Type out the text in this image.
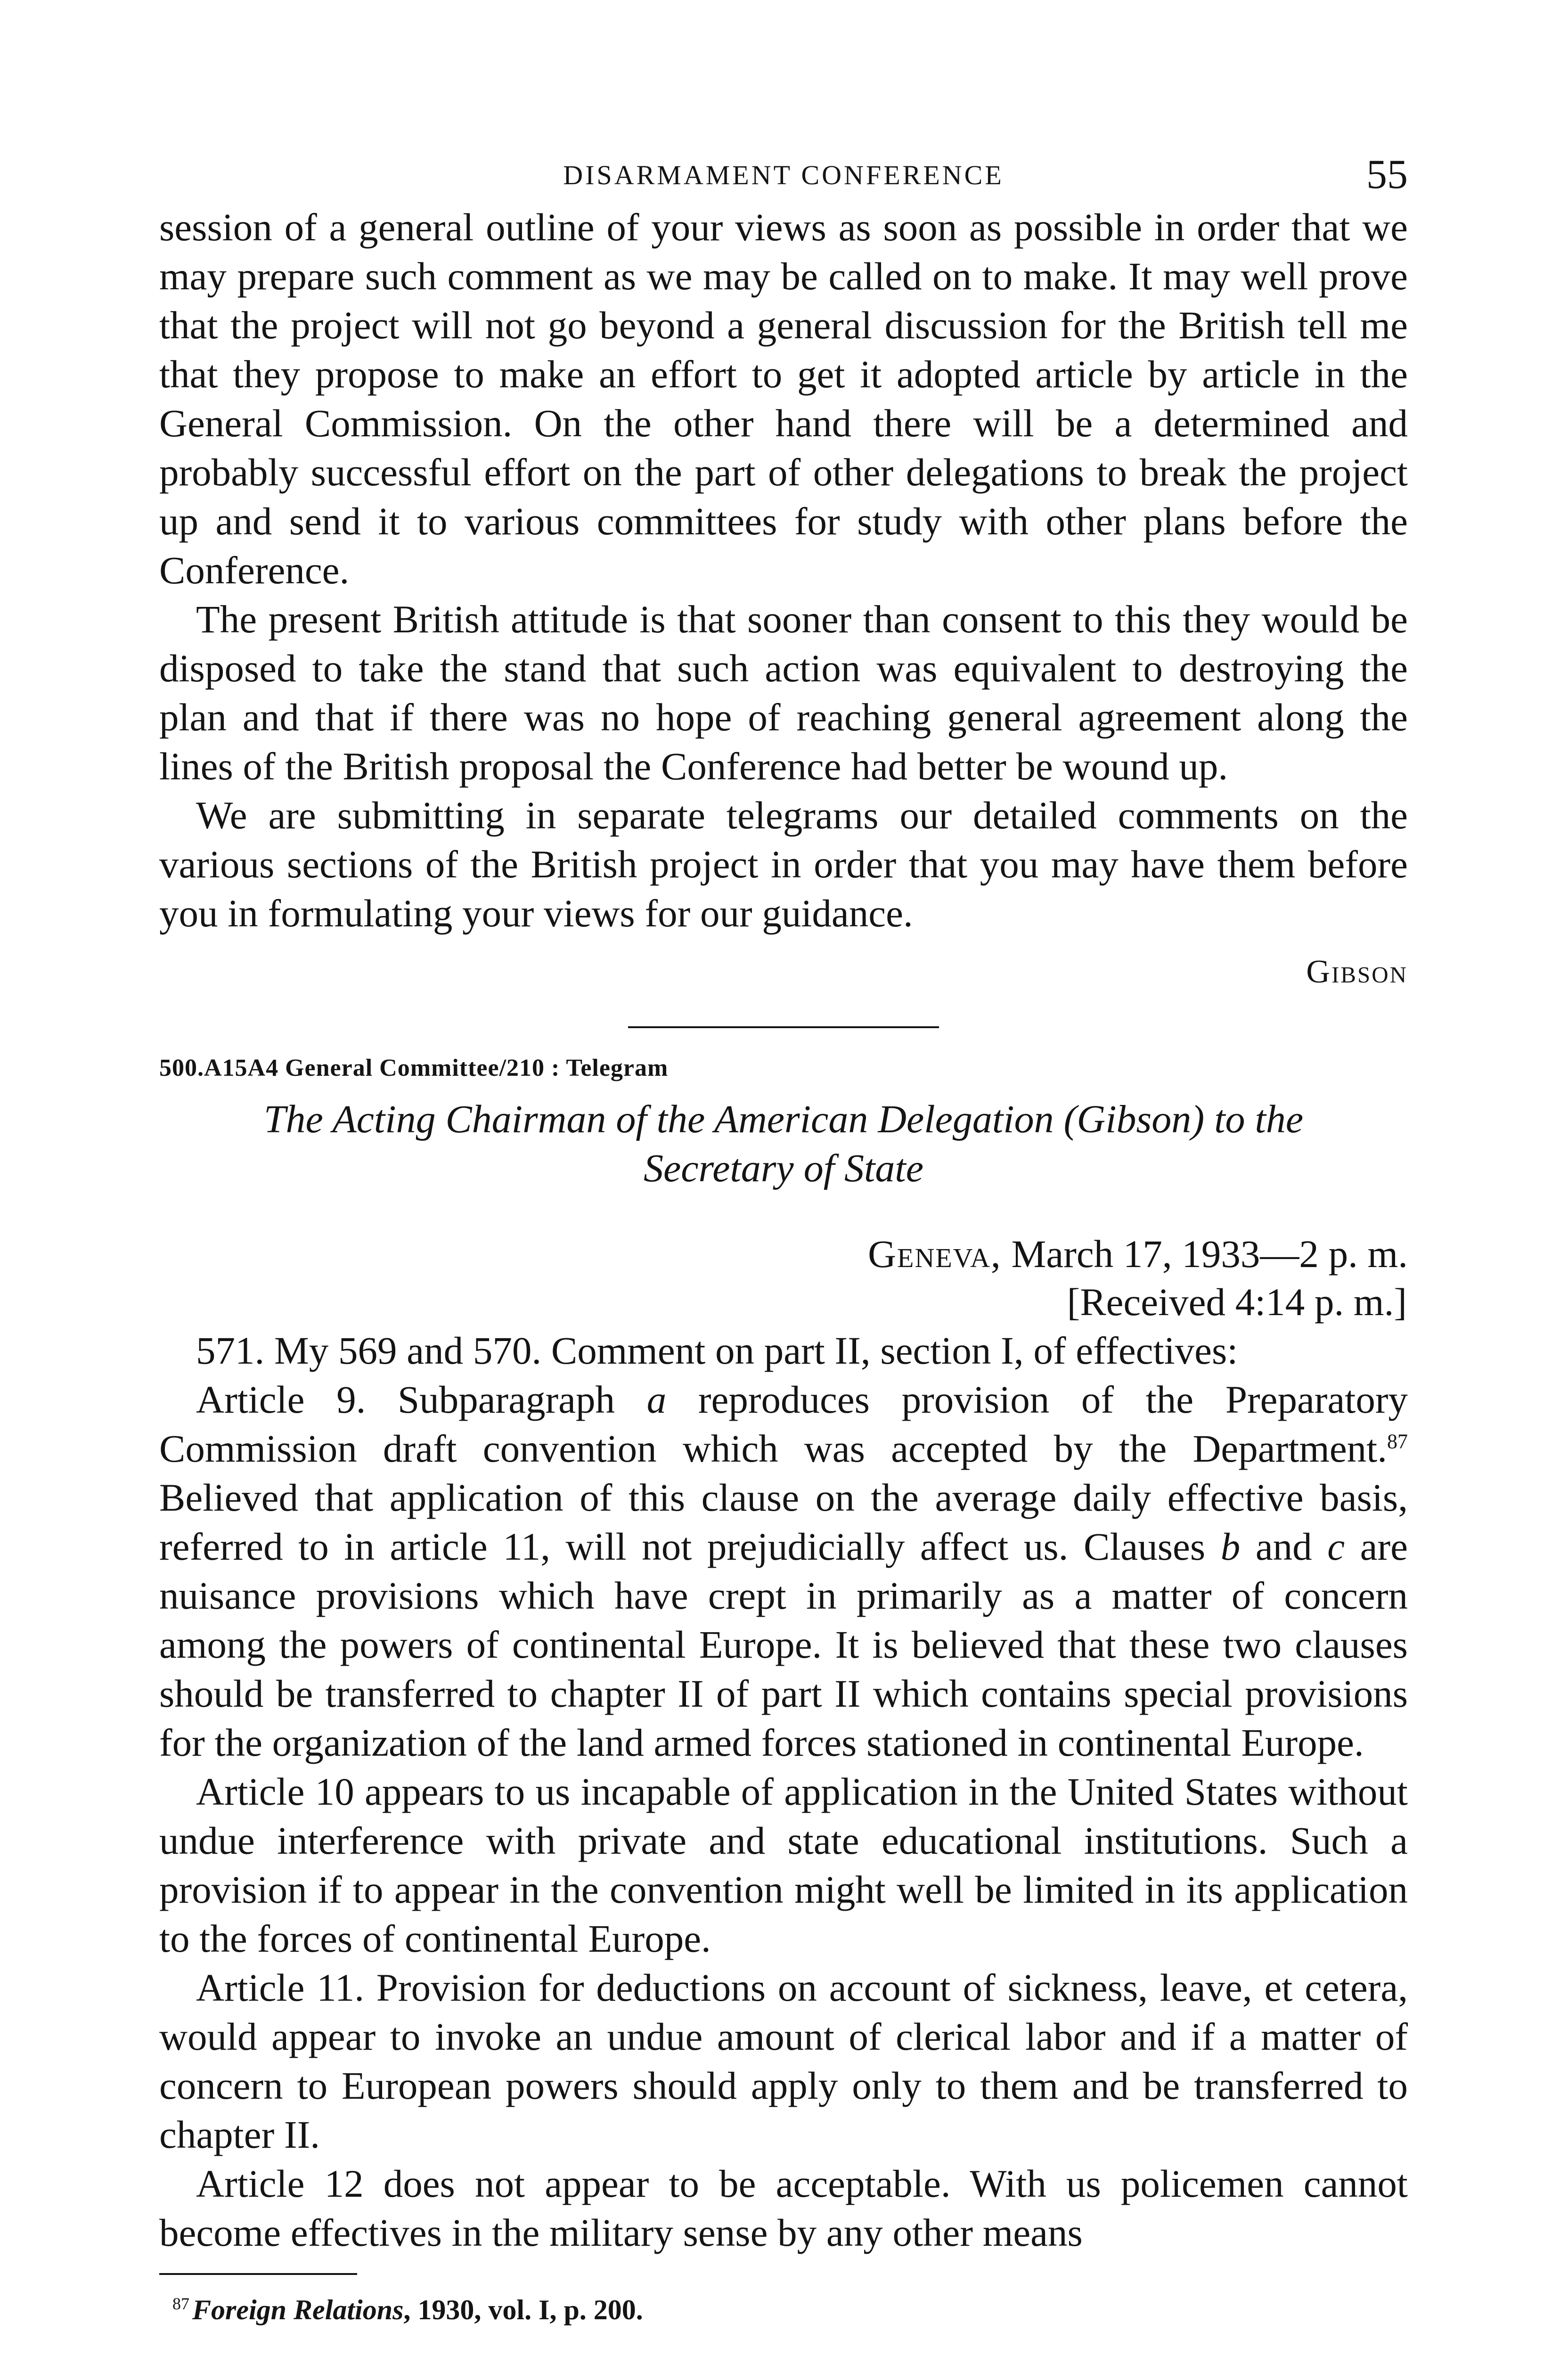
DISARMAMENT CONFERENCE	55

session of a general outline of your views as soon as possible in order that we may prepare such comment as we may be called on to make. It may well prove that the project will not go beyond a general discussion for the British tell me that they propose to make an effort to get it adopted article by article in the General Commission. On the other hand there will be a determined and probably successful effort on the part of other delegations to break the project up and send it to various committees for study with other plans before the Conference.

The present British attitude is that sooner than consent to this they would be disposed to take the stand that such action was equivalent to destroying the plan and that if there was no hope of reaching general agreement along the lines of the British proposal the Conference had better be wound up.

We are submitting in separate telegrams our detailed comments on the various sections of the British project in order that you may have them before you in formulating your views for our guidance.

Gibson
500.A15A4 General Committee/210 : Telegram
The Acting Chairman of the American Delegation (Gibson) to the
Secretary of State
Geneva, March 17, 1933—2 p. m.
[Received 4:14 p. m.]

571. My 569 and 570. Comment on part II, section I, of effectives:

Article 9. Subparagraph a reproduces provision of the Preparatory Commission draft convention which was accepted by the Department.$^{87}$ Believed that application of this clause on the average daily effective basis, referred to in article 11, will not prejudicially affect us. Clauses b and c are nuisance provisions which have crept in primarily as a matter of concern among the powers of continental Europe. It is believed that these two clauses should be transferred to chapter II of part II which contains special provisions for the organization of the land armed forces stationed in continental Europe.

Article 10 appears to us incapable of application in the United States without undue interference with private and state educational institutions. Such a provision if to appear in the convention might well be limited in its application to the forces of continental Europe.

Article 11. Provision for deductions on account of sickness, leave, et cetera, would appear to invoke an undue amount of clerical labor and if a matter of concern to European powers should apply only to them and be transferred to chapter II.

Article 12 does not appear to be acceptable. With us policemen cannot become effectives in the military sense by any other means

$^{87}$ Foreign Relations, 1930, vol. I, p. 200.
